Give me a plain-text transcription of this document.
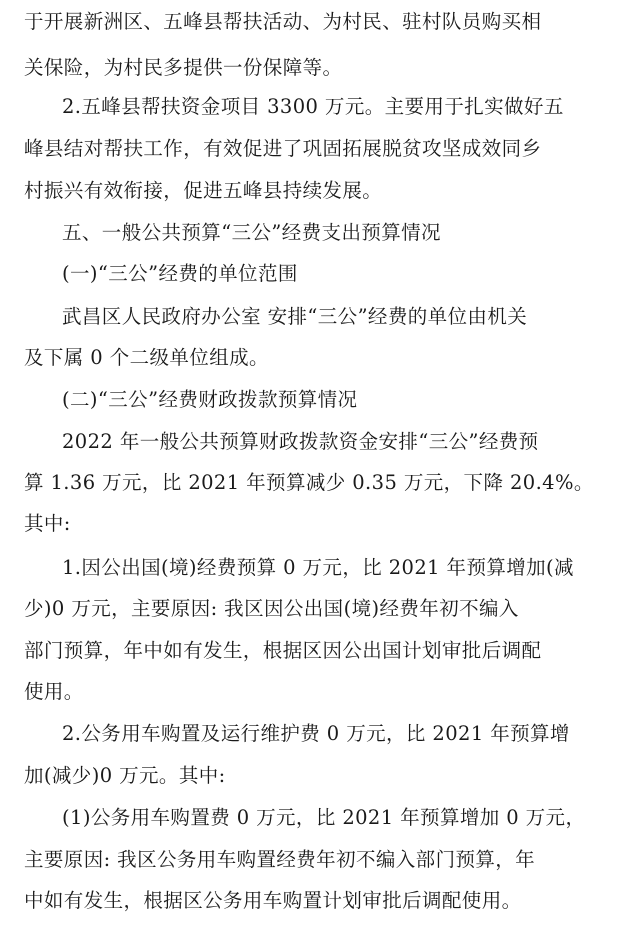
于开展新洲区、五峰县帮扶活动、为村民、驻村队员购买相
关保险，为村民多提供一份保障等。
2.五峰县帮扶资金项目 3300 万元。主要用于扎实做好五
峰县结对帮扶工作，有效促进了巩固拓展脱贫攻坚成效同乡
村振兴有效衔接，促进五峰县持续发展。
五、一般公共预算“三公”经费支出预算情况
(一)“三公”经费的单位范围
武昌区人民政府办公室 安排“三公”经费的单位由机关
及下属 0 个二级单位组成。
(二)“三公”经费财政拨款预算情况
2022 年一般公共预算财政拨款资金安排“三公”经费预
算 1.36 万元，比 2021 年预算减少 0.35 万元，下降 20.4%。
其中:
1.因公出国(境)经费预算 0 万元，比 2021 年预算增加(减
少)0 万元，主要原因: 我区因公出国(境)经费年初不编入
部门预算，年中如有发生，根据区因公出国计划审批后调配
使用。
2.公务用车购置及运行维护费 0 万元，比 2021 年预算增
加(减少)0 万元。其中:
(1)公务用车购置费 0 万元，比 2021 年预算增加 0 万元，
主要原因: 我区公务用车购置经费年初不编入部门预算，年
中如有发生，根据区公务用车购置计划审批后调配使用。
